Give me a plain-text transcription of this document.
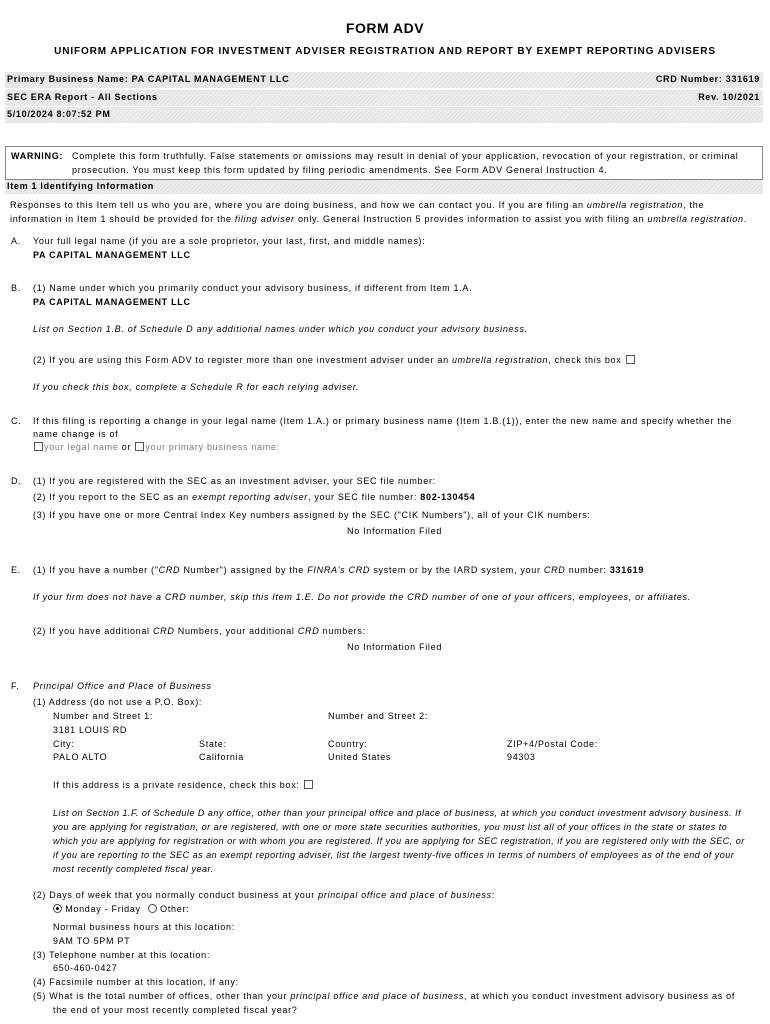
FORM ADV
UNIFORM APPLICATION FOR INVESTMENT ADVISER REGISTRATION AND REPORT BY EXEMPT REPORTING ADVISERS
Primary Business Name: PA CAPITAL MANAGEMENT LLC	CRD Number: 331619
SEC ERA Report - All Sections	Rev. 10/2021
5/10/2024 8:07:52 PM
WARNING: Complete this form truthfully. False statements or omissions may result in denial of your application, revocation of your registration, or criminal
prosecution. You must keep this form updated by filing periodic amendments. See Form ADV General Instruction 4.
Item 1 Identifying Information
Responses to this Item tell us who you are, where you are doing business, and how we can contact you. If you are filing an umbrella registration, the
information in Item 1 should be provided for the filing adviser only. General Instruction 5 provides information to assist you with filing an umbrella registration.
A. Your full legal name (if you are a sole proprietor, your last, first, and middle names):
PA CAPITAL MANAGEMENT LLC
B. (1) Name under which you primarily conduct your advisory business, if different from Item 1.A.
PA CAPITAL MANAGEMENT LLC
List on Section 1.B. of Schedule D any additional names under which you conduct your advisory business.
(2) If you are using this Form ADV to register more than one investment adviser under an umbrella registration, check this box
If you check this box, complete a Schedule R for each relying adviser.
C. If this filing is reporting a change in your legal name (Item 1.A.) or primary business name (Item 1.B.(1)), enter the new name and specify whether the
name change is of
your legal name or your primary business name:
D. (1) If you are registered with the SEC as an investment adviser, your SEC file number:
(2) If you report to the SEC as an exempt reporting adviser, your SEC file number: 802-130454
(3) If you have one or more Central Index Key numbers assigned by the SEC ("CIK Numbers"), all of your CIK numbers:
No Information Filed
E. (1) If you have a number ("CRD Number") assigned by the FINRA's CRD system or by the IARD system, your CRD number: 331619
If your firm does not have a CRD number, skip this Item 1.E. Do not provide the CRD number of one of your officers, employees, or affiliates.
(2) If you have additional CRD Numbers, your additional CRD numbers:
No Information Filed
F. Principal Office and Place of Business
(1) Address (do not use a P.O. Box):
Number and Street 1:	Number and Street 2:
3181 LOUIS RD
City:	State:	Country:	ZIP+4/Postal Code:
PALO ALTO	California	United States	94303
If this address is a private residence, check this box:
List on Section 1.F. of Schedule D any office, other than your principal office and place of business, at which you conduct investment advisory business. If
you are applying for registration, or are registered, with one or more state securities authorities, you must list all of your offices in the state or states to
which you are applying for registration or with whom you are registered. If you are applying for SEC registration, if you are registered only with the SEC, or
if you are reporting to the SEC as an exempt reporting adviser, list the largest twenty-five offices in terms of numbers of employees as of the end of your
most recently completed fiscal year.
(2) Days of week that you normally conduct business at your principal office and place of business:
Monday - Friday Other:
Normal business hours at this location:
9AM TO 5PM PT
(3) Telephone number at this location:
650-460-0427
(4) Facsimile number at this location, if any:
(5) What is the total number of offices, other than your principal office and place of business, at which you conduct investment advisory business as of
the end of your most recently completed fiscal year?
